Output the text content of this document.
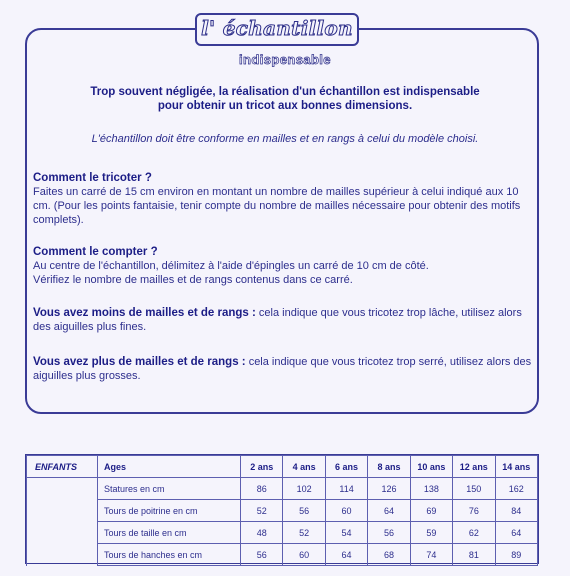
l' échantillon
indispensable
Trop souvent négligée, la réalisation d'un échantillon est indispensable
pour obtenir un tricot aux bonnes dimensions.
L'échantillon doit être conforme en mailles et en rangs à celui du modèle choisi.
Comment le tricoter ?

Faites un carré de 15 cm environ en montant un nombre de mailles supérieur à celui indiqué aux 10 cm. (Pour les points fantaisie, tenir compte du nombre de mailles nécessaire pour obtenir des motifs complets).

Comment le compter ?

Au centre de l'échantillon, délimitez à l'aide d'épingles un carré de 10 cm de côté.

Vérifiez le nombre de mailles et de rangs contenus dans ce carré.

Vous avez moins de mailles et de rangs : cela indique que vous tricotez trop lâche, utilisez alors des aiguilles plus fines.

Vous avez plus de mailles et de rangs : cela indique que vous tricotez trop serré, utilisez alors des aiguilles plus grosses.

ENFANTS	Ages	2 ans	4 ans	6 ans	8 ans	10 ans	12 ans	14 ans
	Statures en cm	86	102	114	126	138	150	162
	Tours de poitrine en cm	52	56	60	64	69	76	84
	Tours de taille en cm	48	52	54	56	59	62	64
	Tours de hanches en cm	56	60	64	68	74	81	89
